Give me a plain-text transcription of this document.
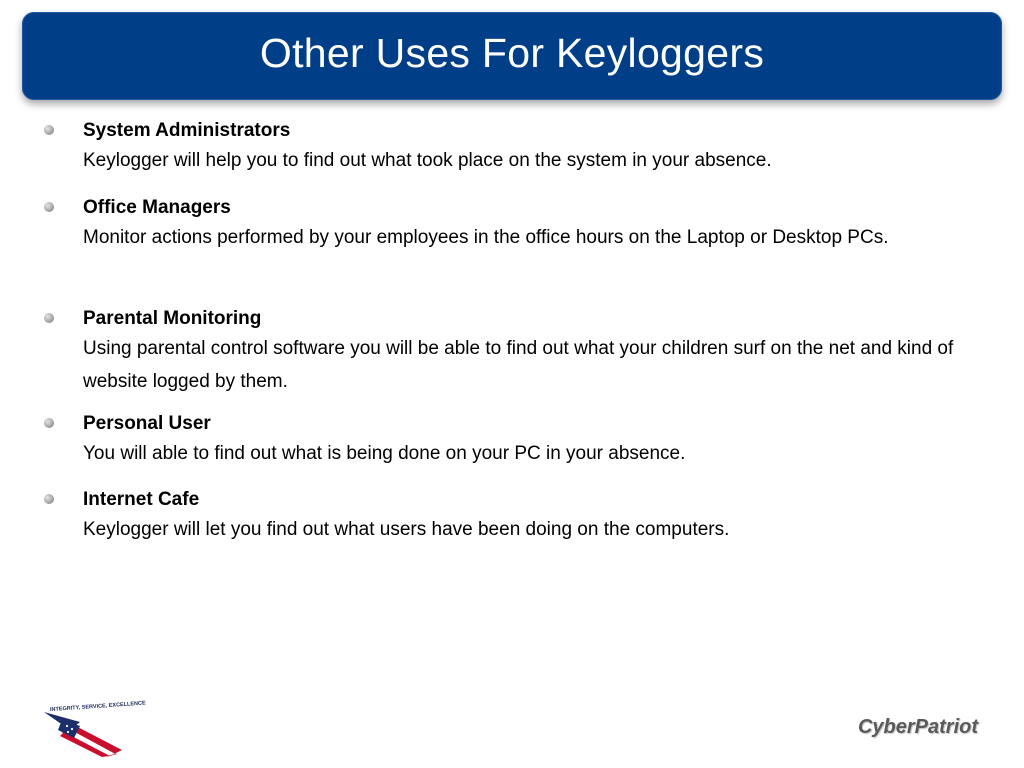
Other Uses For Keyloggers
System Administrators
Keylogger will help you to find out what took place on the system in your absence.
Office Managers
Monitor actions performed by your employees in the office hours on the Laptop or Desktop PCs.
Parental Monitoring
Using parental control software you will be able to find out what your children surf on the net and kind of website logged by them.
Personal User
You will able to find out what is being done on your PC in your absence.
Internet Cafe
Keylogger will let you find out what users have been doing on the computers.
INTEGRITY, SERVICE, EXCELLENCE
CyberPatriot
